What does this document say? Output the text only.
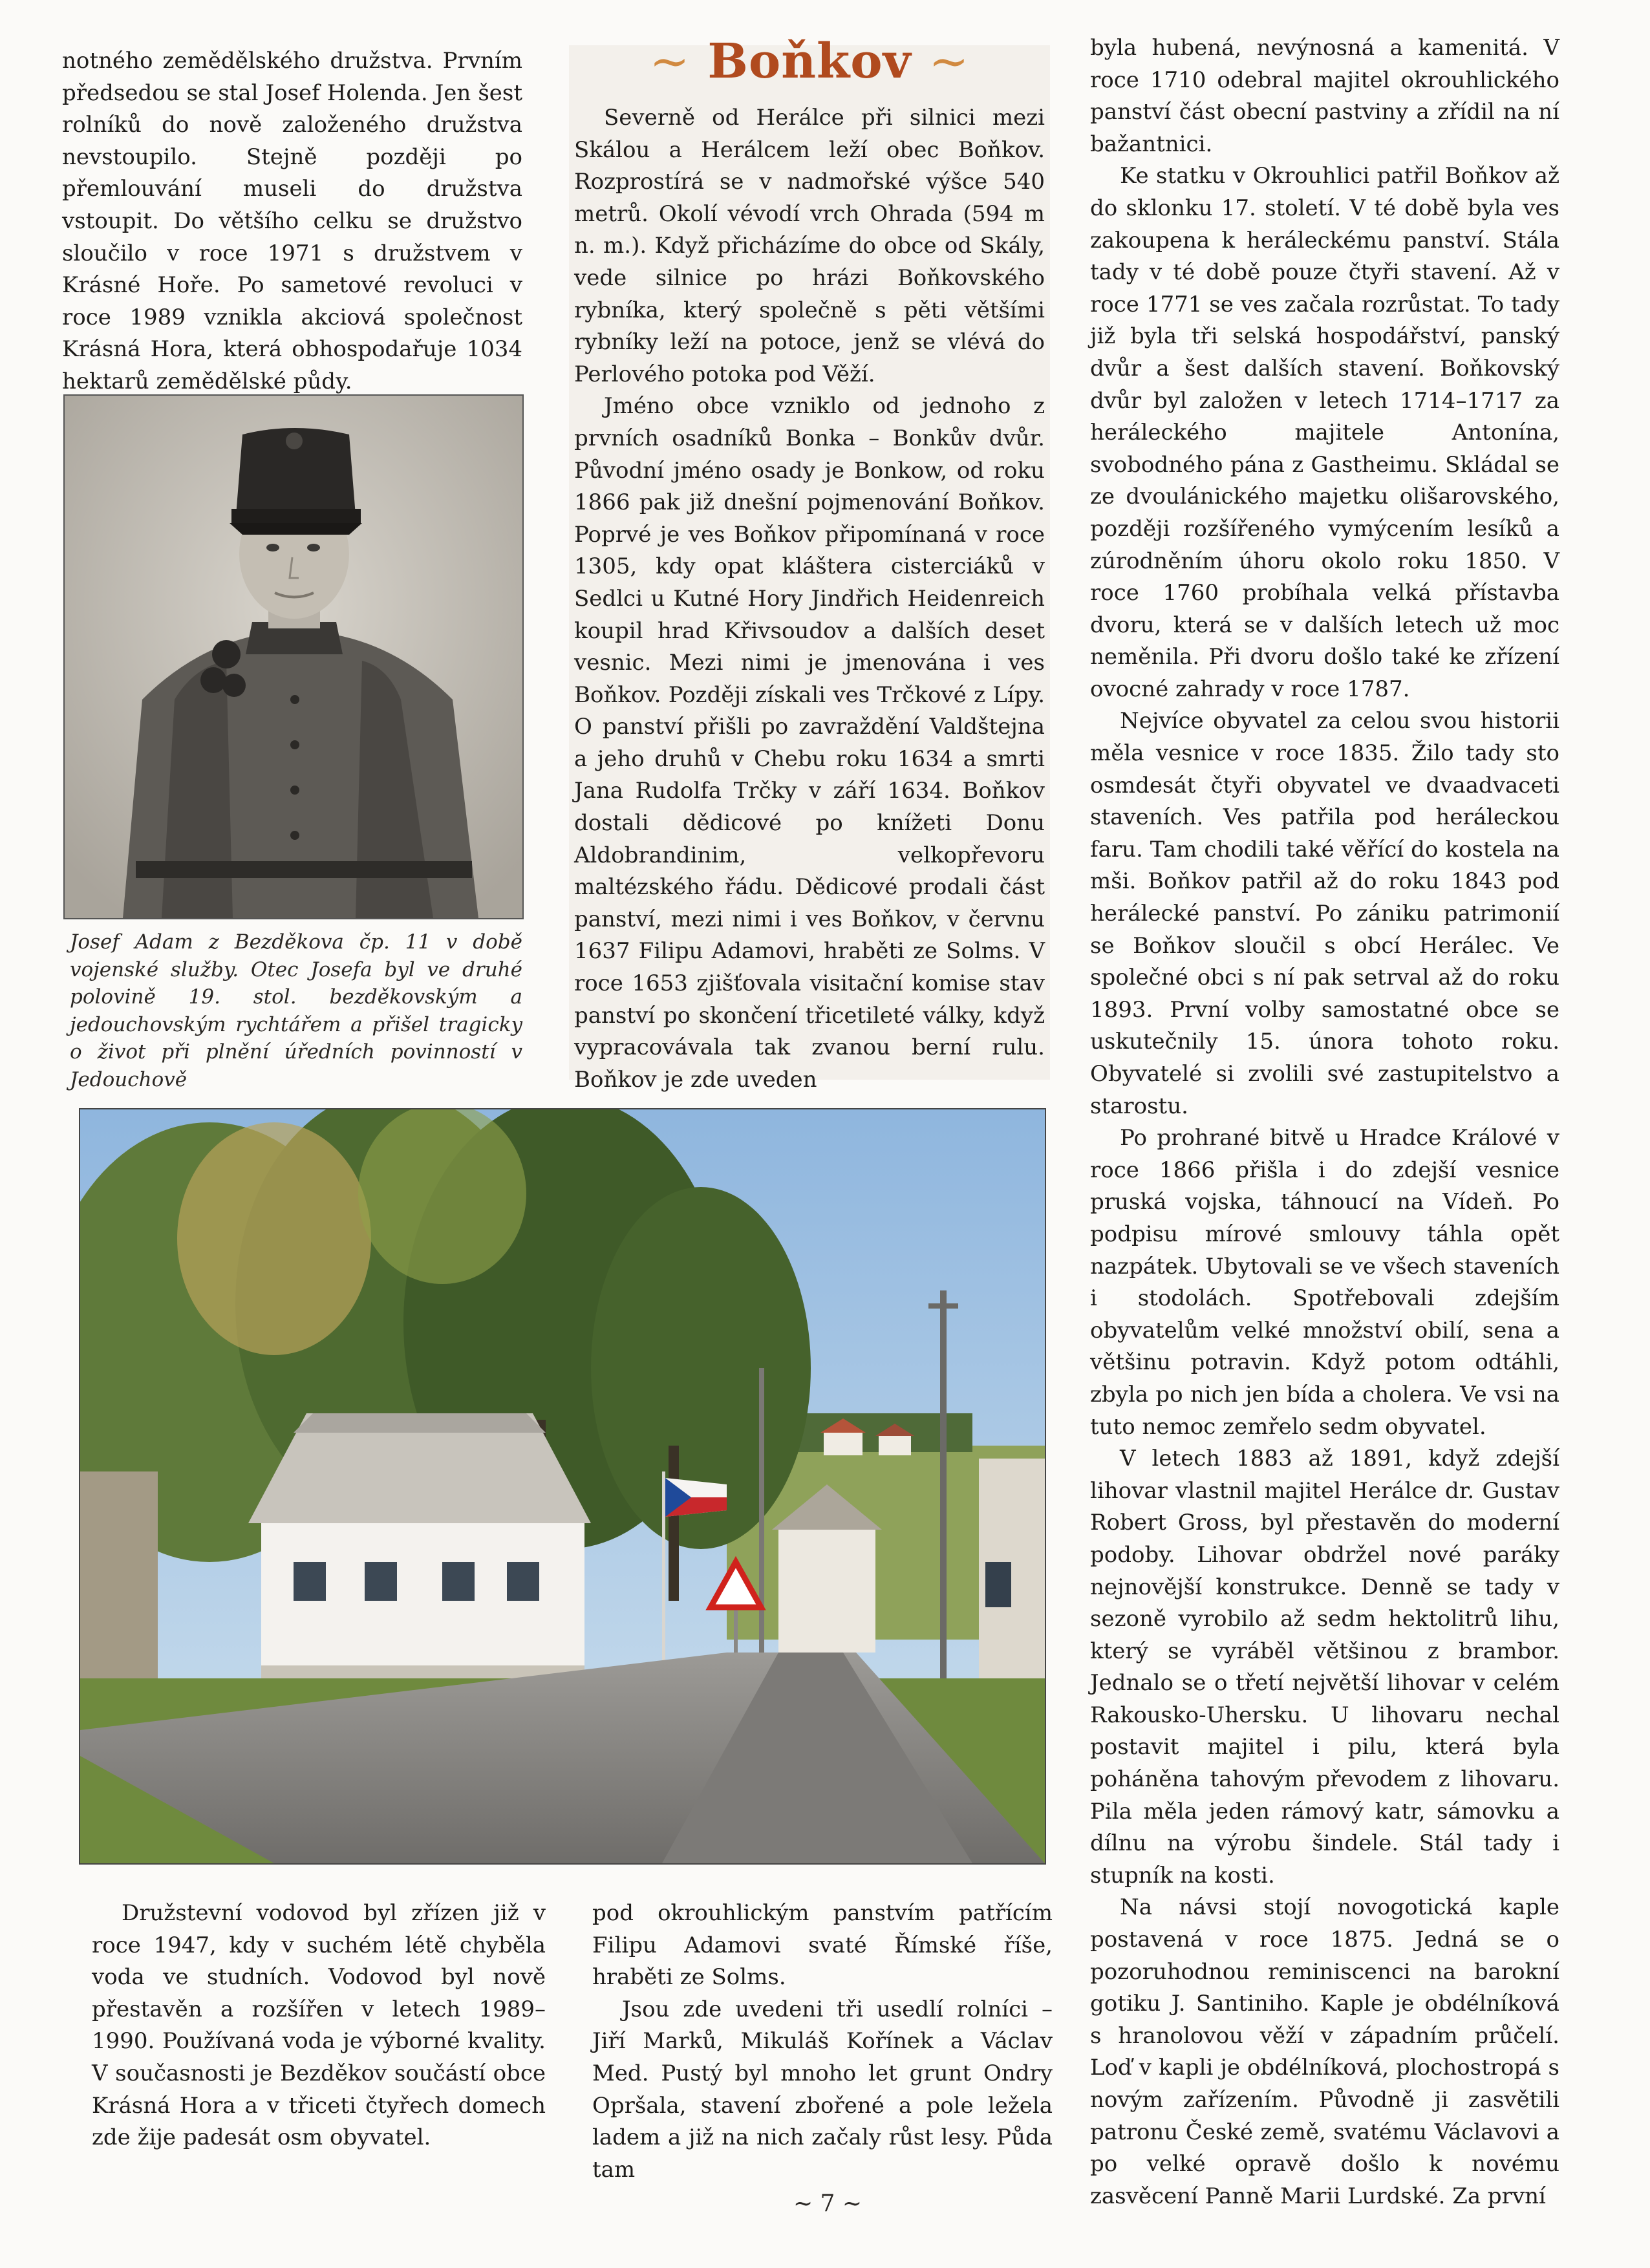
~ Boňkov ~

notného zemědělského družstva. Prvním předsedou se stal Josef Holenda. Jen šest rolníků do nově založeného družstva nevstoupilo. Stejně později po přemlouvání museli do družstva vstoupit. Do většího celku se družstvo sloučilo v roce 1971 s družstvem v Krásné Hoře. Po sametové revoluci v roce 1989 vznikla akciová společnost Krásná Hora, která obhospodařuje 1034 hektarů zemědělské půdy.

Josef Adam z Bezděkova čp. 11 v době vojenské služby. Otec Josefa byl ve druhé polovině 19. stol. bezděkovským a jedouchovským rychtářem a přišel tragicky o život při plnění úředních povinností v Jedouchově

Severně od Herálce při silnici mezi Skálou a Herálcem leží obec Boňkov. Rozprostírá se v nadmořské výšce 540 metrů. Okolí vévodí vrch Ohrada (594 m n. m.). Když přicházíme do obce od Skály, vede silnice po hrázi Boňkovského rybníka, který společně s pěti většími rybníky leží na potoce, jenž se vlévá do Perlového potoka pod Věží.

Jméno obce vzniklo od jednoho z prvních osadníků Bonka – Bonkův dvůr. Původní jméno osady je Bonkow, od roku 1866 pak již dnešní pojmenování Boňkov. Poprvé je ves Boňkov připomínaná v roce 1305, kdy opat kláštera cisterciáků v Sedlci u Kutné Hory Jindřich Heidenreich koupil hrad Křivsoudov a dalších deset vesnic. Mezi nimi je jmenována i ves Boňkov. Později získali ves Trčkové z Lípy. O panství přišli po zavraždění Valdštejna a jeho druhů v Chebu roku 1634 a smrti Jana Rudolfa Trčky v září 1634. Boňkov dostali dědicové po knížeti Donu Aldobrandinim, velkopřevoru maltézského řádu. Dědicové prodali část panství, mezi nimi i ves Boňkov, v červnu 1637 Filipu Adamovi, hraběti ze Solms. V roce 1653 zjišťovala visitační komise stav panství po skončení třicetileté války, když vypracovávala tak zvanou berní rulu. Boňkov je zde uveden

byla hubená, nevýnosná a kamenitá. V roce 1710 odebral majitel okrouhlického panství část obecní pastviny a zřídil na ní bažantnici.

Ke statku v Okrouhlici patřil Boňkov až do sklonku 17. století. V té době byla ves zakoupena k heráleckému panství. Stála tady v té době pouze čtyři stavení. Až v roce 1771 se ves začala rozrůstat. To tady již byla tři selská hospodářství, panský dvůr a šest dalších stavení. Boňkovský dvůr byl založen v letech 1714–1717 za heráleckého majitele Antonína, svobodného pána z Gastheimu. Skládal se ze dvoulánického majetku olišarovského, později rozšířeného vymýcením lesíků a zúrodněním úhoru okolo roku 1850. V roce 1760 probíhala velká přístavba dvoru, která se v dalších letech už moc neměnila. Při dvoru došlo také ke zřízení ovocné zahrady v roce 1787.

Nejvíce obyvatel za celou svou historii měla vesnice v roce 1835. Žilo tady sto osmdesát čtyři obyvatel ve dvaadvaceti staveních. Ves patřila pod heráleckou faru. Tam chodili také věřící do kostela na mši. Boňkov patřil až do roku 1843 pod herálecké panství. Po zániku patrimonií se Boňkov sloučil s obcí Herálec. Ve společné obci s ní pak setrval až do roku 1893. První volby samostatné obce se uskutečnily 15. února tohoto roku. Obyvatelé si zvolili své zastupitelstvo a starostu.

Po prohrané bitvě u Hradce Králové v roce 1866 přišla i do zdejší vesnice pruská vojska, táhnoucí na Vídeň. Po podpisu mírové smlouvy táhla opět nazpátek. Ubytovali se ve všech staveních i stodolách. Spotřebovali zdejším obyvatelům velké množství obilí, sena a většinu potravin. Když potom odtáhli, zbyla po nich jen bída a cholera. Ve vsi na tuto nemoc zemřelo sedm obyvatel.

V letech 1883 až 1891, když zdejší lihovar vlastnil majitel Herálce dr. Gustav Robert Gross, byl přestavěn do moderní podoby. Lihovar obdržel nové paráky nejnovější konstrukce. Denně se tady v sezoně vyrobilo až sedm hektolitrů lihu, který se vyráběl většinou z brambor. Jednalo se o třetí největší lihovar v celém Rakousko-Uhersku. U lihovaru nechal postavit majitel i pilu, která byla poháněna tahovým převodem z lihovaru. Pila měla jeden rámový katr, sámovku a dílnu na výrobu šindele. Stál tady i stupník na kosti.

Na návsi stojí novogotická kaple postavená v roce 1875. Jedná se o pozoruhodnou reminiscenci na barokní gotiku J. Santiniho. Kaple je obdélníková s hranolovou věží v západním průčelí. Loď v kapli je obdélníková, plochostropá s novým zařízením. Původně ji zasvětili patronu České země, svatému Václavovi a po velké opravě došlo k novému zasvěcení Panně Marii Lurdské. Za první

Družstevní vodovod byl zřízen již v roce 1947, kdy v suchém létě chyběla voda ve studních. Vodovod byl nově přestavěn a rozšířen v letech 1989–1990. Používaná voda je výborné kvality. V současnosti je Bezděkov součástí obce Krásná Hora a v třiceti čtyřech domech zde žije padesát osm obyvatel.

pod okrouhlickým panstvím patřícím Filipu Adamovi svaté Římské říše, hraběti ze Solms.

Jsou zde uvedeni tři usedlí rolníci – Jiří Marků, Mikuláš Kořínek a Václav Med. Pustý byl mnoho let grunt Ondry Opršala, stavení zbořené a pole ležela ladem a již na nich začaly růst lesy. Půda tam

~ 7 ~
